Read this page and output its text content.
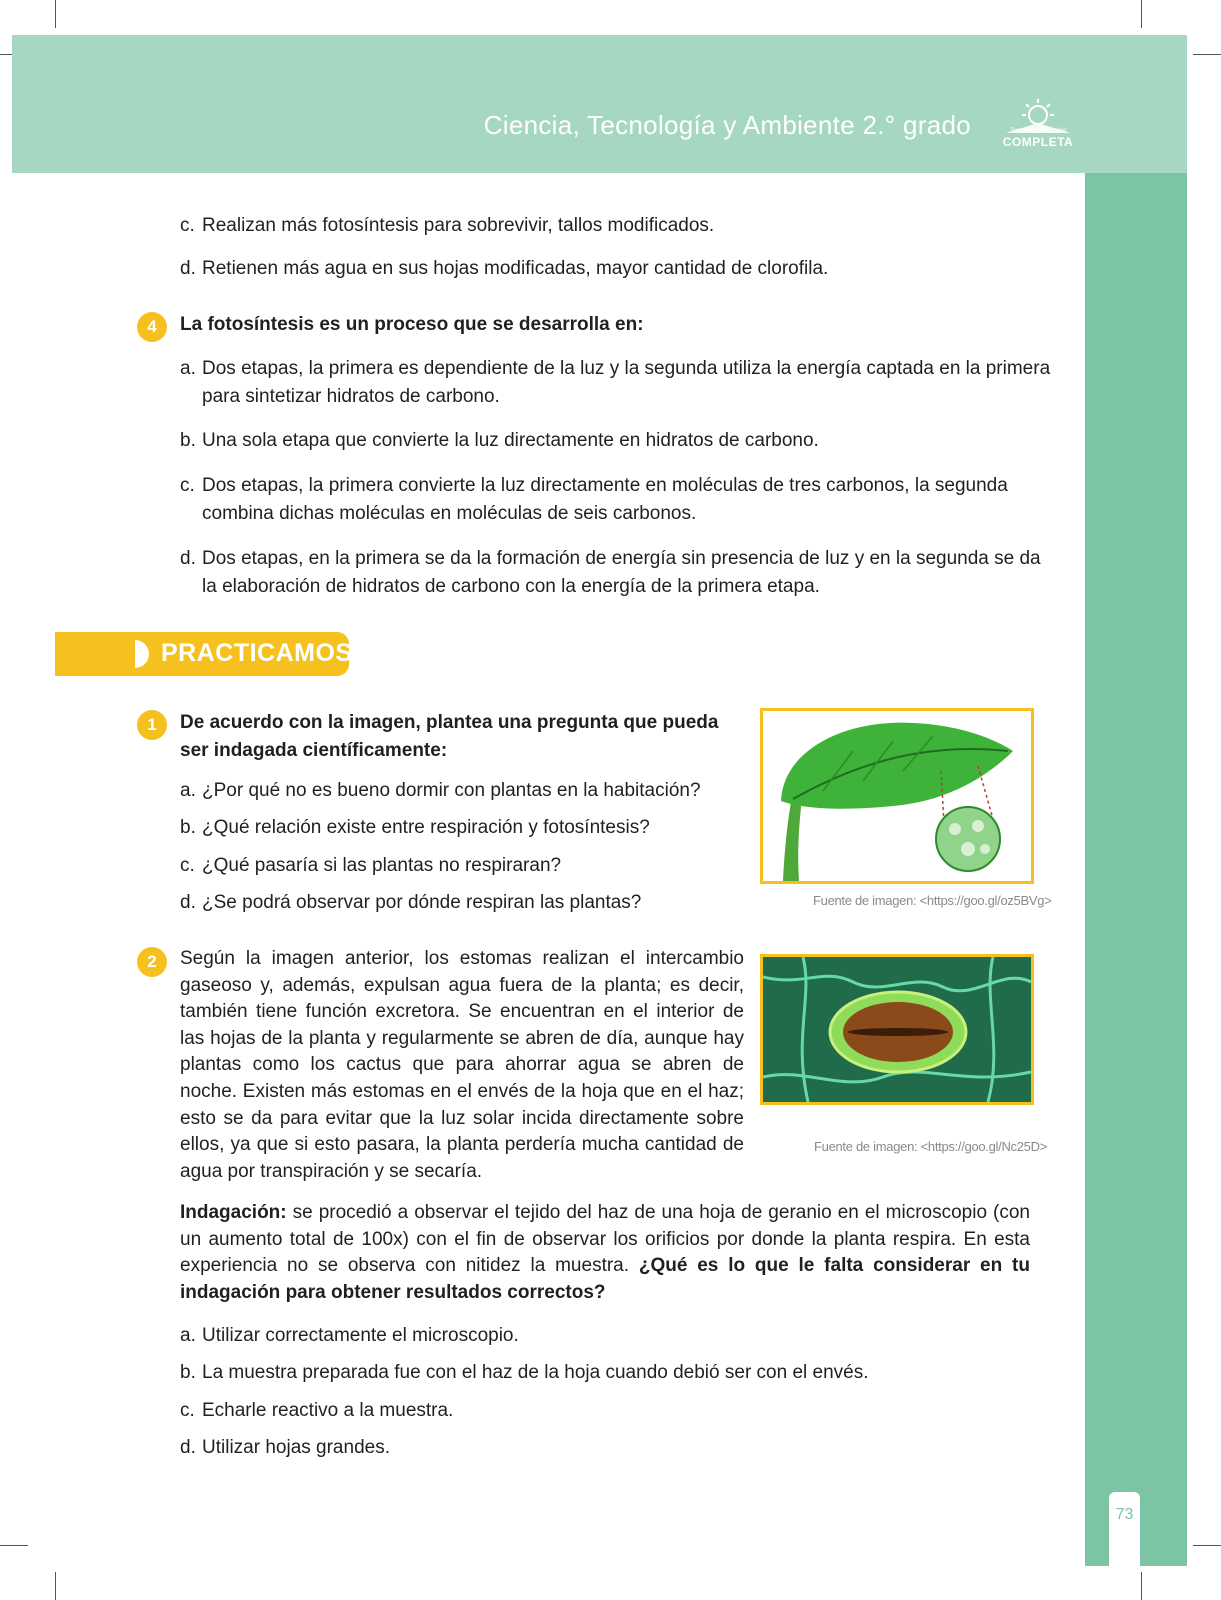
Ciencia, Tecnología y Ambiente 2.° grado	Jornada Escolar
COMPLETA
73
c. Realizan más fotosíntesis para sobrevivir, tallos modificados.
d. Retienen más agua en sus hojas modificadas, mayor cantidad de clorofila.
4	La fotosíntesis es un proceso que se desarrolla en:
a. Dos etapas, la primera es dependiente de la luz y la segunda utiliza la energía captada en la primera para sintetizar hidratos de carbono.
b. Una sola etapa que convierte la luz directamente en hidratos de carbono.
c. Dos etapas, la primera convierte la luz directamente en moléculas de tres carbonos, la segunda combina dichas moléculas en moléculas de seis carbonos.
d. Dos etapas, en la primera se da la formación de energía sin presencia de luz y en la segunda se da la elaboración de hidratos de carbono con la energía de la primera etapa.
PRACTICAMOS
1	De acuerdo con la imagen, plantea una pregunta que pueda ser indagada científicamente:
a. ¿Por qué no es bueno dormir con plantas en la habitación?
b. ¿Qué relación existe entre respiración y fotosíntesis?
c. ¿Qué pasaría si las plantas no respiraran?
d. ¿Se podrá observar por dónde respiran las plantas?	Fuente de imagen: <https://goo.gl/oz5BVg>
2	Según la imagen anterior, los estomas realizan el intercambio gaseoso y, además, expulsan agua fuera de la planta; es decir, también tiene función excretora. Se encuentran en el interior de las hojas de la planta y regularmente se abren de día, aunque hay plantas como los cactus que para ahorrar agua se abren de noche. Existen más estomas en el envés de la hoja que en el haz; esto se da para evitar que la luz solar incida directamente sobre ellos, ya que si esto pasara, la planta perdería mucha cantidad de agua por transpiración y se secaría.
Fuente de imagen: <https://goo.gl/Nc25D>
Indagación: se procedió a observar el tejido del haz de una hoja de geranio en el microscopio (con un aumento total de 100x) con el fin de observar los orificios por donde la planta respira. En esta experiencia no se observa con nitidez la muestra. ¿Qué es lo que le falta considerar en tu indagación para obtener resultados correctos?
a. Utilizar correctamente el microscopio.
b. La muestra preparada fue con el haz de la hoja cuando debió ser con el envés.
c. Echarle reactivo a la muestra.
d. Utilizar hojas grandes.
